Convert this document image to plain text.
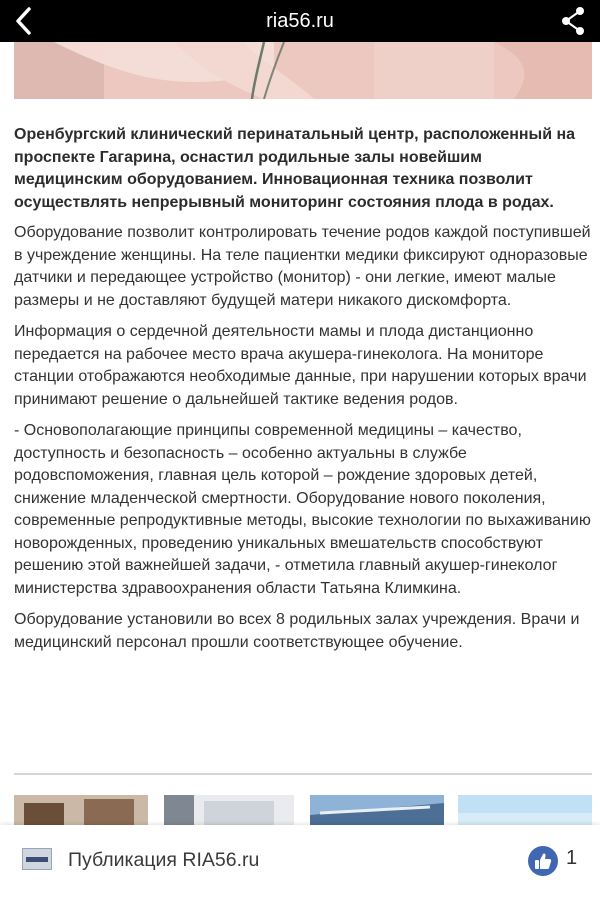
ria56.ru

Оренбургский клинический перинатальный центр, расположенный на проспекте Гагарина, оснастил родильные залы новейшим медицинским оборудованием. Инновационная техника позволит осуществлять непрерывный мониторинг состояния плода в родах.

Оборудование позволит контролировать течение родов каждой поступившей в учреждение женщины. На теле пациентки медики фиксируют одноразовые датчики и передающее устройство (монитор) - они легкие, имеют малые размеры и не доставляют будущей матери никакого дискомфорта.

Информация о сердечной деятельности мамы и плода дистанционно передается на рабочее место врача акушера-гинеколога. На мониторе станции отображаются необходимые данные, при нарушении которых врачи принимают решение о дальнейшей тактике ведения родов.

- Основополагающие принципы современной медицины – качество, доступность и безопасность – особенно актуальны в службе родовспоможения, главная цель которой – рождение здоровых детей, снижение младенческой смертности. Оборудование нового поколения, современные репродуктивные методы, высокие технологии по выхаживанию новорожденных, проведению уникальных вмешательств способствуют решению этой важнейшей задачи, - отметила главный акушер-гинеколог министерства здравоохранения области Татьяна Климкина.

Оборудование установили во всех 8 родильных залах учреждения. Врачи и медицинский персонал прошли соответствующее обучение.

Публикация RIA56.ru	1
